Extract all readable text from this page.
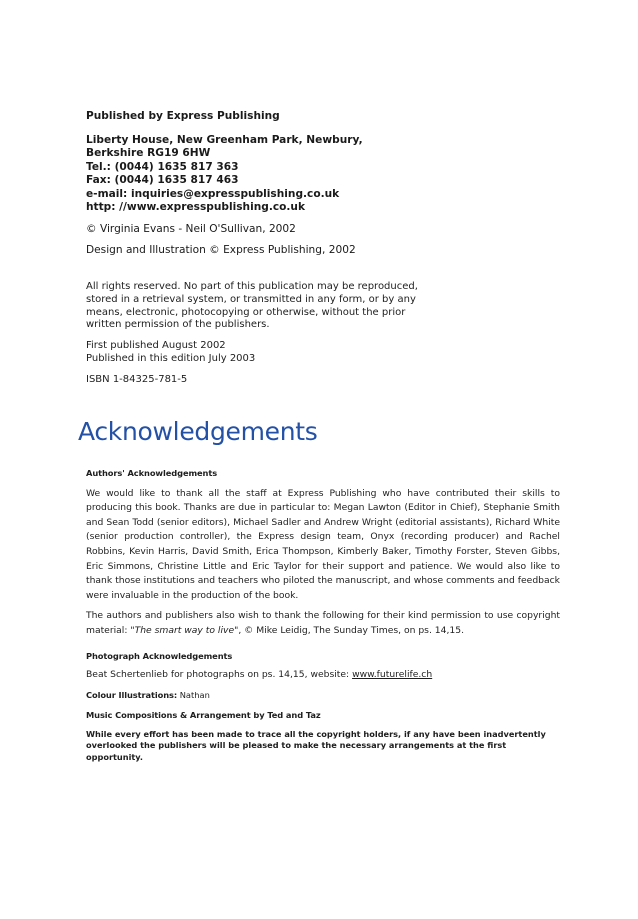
Published by Express Publishing
Liberty House, New Greenham Park, Newbury,
Berkshire RG19 6HW
Tel.: (0044) 1635 817 363
Fax: (0044) 1635 817 463
e-mail: inquiries@expresspublishing.co.uk
http: //www.expresspublishing.co.uk
© Virginia Evans - Neil O'Sullivan, 2002
Design and Illustration © Express Publishing, 2002
All rights reserved. No part of this publication may be reproduced,
stored in a retrieval system, or transmitted in any form, or by any
means, electronic, photocopying or otherwise, without the prior
written permission of the publishers.
First published August 2002
Published in this edition July 2003
ISBN 1-84325-781-5
Acknowledgements

Authors' Acknowledgements

We would like to thank all the staff at Express Publishing who have contributed their skills to producing this book. Thanks are due in particular to: Megan Lawton (Editor in Chief), Stephanie Smith and Sean Todd (senior editors), Michael Sadler and Andrew Wright (editorial assistants), Richard White (senior production controller), the Express design team, Onyx (recording producer) and Rachel Robbins, Kevin Harris, David Smith, Erica Thompson, Kimberly Baker, Timothy Forster, Steven Gibbs, Eric Simmons, Christine Little and Eric Taylor for their support and patience. We would also like to thank those institutions and teachers who piloted the manuscript, and whose comments and feedback were invaluable in the production of the book.

The authors and publishers also wish to thank the following for their kind permission to use copyright material: "The smart way to live", © Mike Leidig, The Sunday Times, on ps. 14,15.

Photograph Acknowledgements

Beat Schertenlieb for photographs on ps. 14,15, website: www.futurelife.ch

Colour Illustrations: Nathan

Music Compositions & Arrangement by Ted and Taz

While every effort has been made to trace all the copyright holders, if any have been inadvertently overlooked the publishers will be pleased to make the necessary arrangements at the first opportunity.
